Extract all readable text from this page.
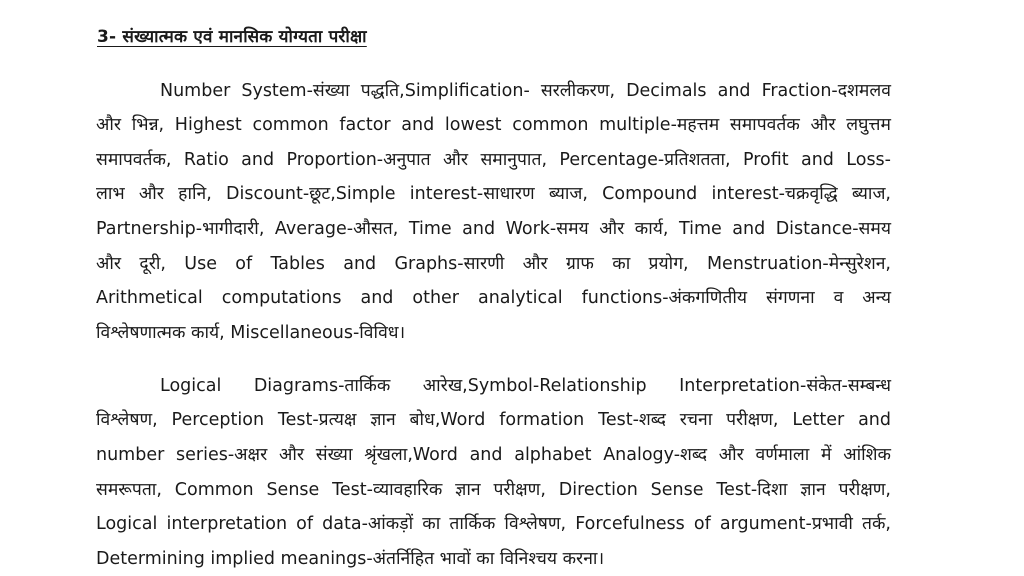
3- संख्यात्मक एवं मानसिक योग्यता परीक्षा
Number System-संख्या पद्धति,Simplification- सरलीकरण, Decimals and Fraction-दशमलव
और भिन्न, Highest common factor and lowest common multiple-महत्तम समापवर्तक और लघुत्तम
समापवर्तक, Ratio and Proportion-अनुपात और समानुपात, Percentage-प्रतिशतता, Profit and Loss-
लाभ और हानि, Discount-छूट,Simple interest-साधारण ब्याज, Compound interest-चक्रवृद्धि ब्याज,
Partnership-भागीदारी, Average-औसत, Time and Work-समय और कार्य, Time and Distance-समय
और दूरी, Use of Tables and Graphs-सारणी और ग्राफ का प्रयोग, Menstruation-मेन्सुरेशन,
Arithmetical computations and other analytical functions-अंकगणितीय संगणना व अन्य
विश्लेषणात्मक कार्य, Miscellaneous-विविध।
Logical Diagrams-तार्किक आरेख,Symbol-Relationship Interpretation-संकेत-सम्बन्ध
विश्लेषण, Perception Test-प्रत्यक्ष ज्ञान बोध,Word formation Test-शब्द रचना परीक्षण, Letter and
number series-अक्षर और संख्या श्रृंखला,Word and alphabet Analogy-शब्द और वर्णमाला में आंशिक
समरूपता, Common Sense Test-व्यावहारिक ज्ञान परीक्षण, Direction Sense Test-दिशा ज्ञान परीक्षण,
Logical interpretation of data-आंकड़ों का तार्किक विश्लेषण, Forcefulness of argument-प्रभावी तर्क,
Determining implied meanings-अंतर्निहित भावों का विनिश्चय करना।
